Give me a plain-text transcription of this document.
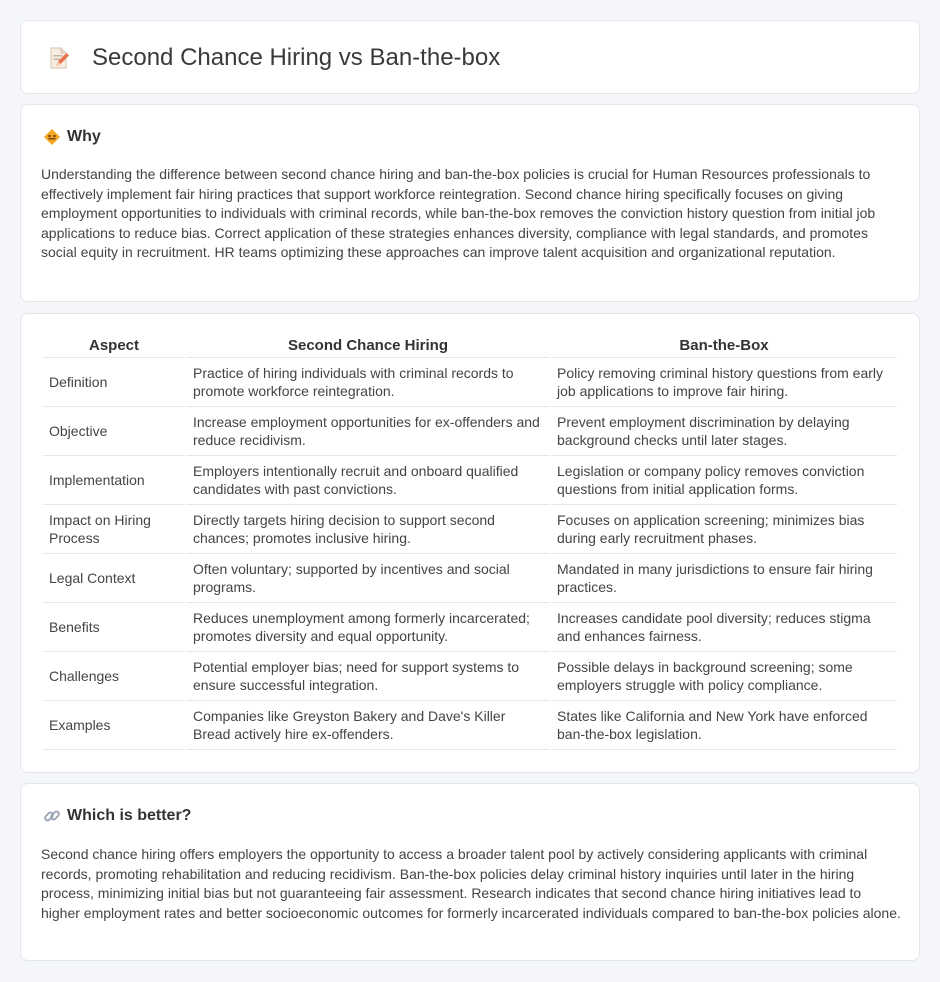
Second Chance Hiring vs Ban-the-box
Why

Understanding the difference between second chance hiring and ban-the-box policies is crucial for Human Resources professionals to effectively implement fair hiring practices that support workforce reintegration. Second chance hiring specifically focuses on giving employment opportunities to individuals with criminal records, while ban-the-box removes the conviction history question from initial job applications to reduce bias. Correct application of these strategies enhances diversity, compliance with legal standards, and promotes social equity in recruitment. HR teams optimizing these approaches can improve talent acquisition and organizational reputation.

Aspect	Second Chance Hiring	Ban-the-Box
Definition	Practice of hiring individuals with criminal records to promote workforce reintegration.	Policy removing criminal history questions from early job applications to improve fair hiring.
Objective	Increase employment opportunities for ex-offenders and reduce recidivism.	Prevent employment discrimination by delaying background checks until later stages.
Implementation	Employers intentionally recruit and onboard qualified candidates with past convictions.	Legislation or company policy removes conviction questions from initial application forms.
Impact on Hiring Process	Directly targets hiring decision to support second chances; promotes inclusive hiring.	Focuses on application screening; minimizes bias during early recruitment phases.
Legal Context	Often voluntary; supported by incentives and social programs.	Mandated in many jurisdictions to ensure fair hiring practices.
Benefits	Reduces unemployment among formerly incarcerated; promotes diversity and equal opportunity.	Increases candidate pool diversity; reduces stigma and enhances fairness.
Challenges	Potential employer bias; need for support systems to ensure successful integration.	Possible delays in background screening; some employers struggle with policy compliance.
Examples	Companies like Greyston Bakery and Dave's Killer Bread actively hire ex-offenders.	States like California and New York have enforced ban-the-box legislation.
Which is better?

Second chance hiring offers employers the opportunity to access a broader talent pool by actively considering applicants with criminal records, promoting rehabilitation and reducing recidivism. Ban-the-box policies delay criminal history inquiries until later in the hiring process, minimizing initial bias but not guaranteeing fair assessment. Research indicates that second chance hiring initiatives lead to higher employment rates and better socioeconomic outcomes for formerly incarcerated individuals compared to ban-the-box policies alone.
